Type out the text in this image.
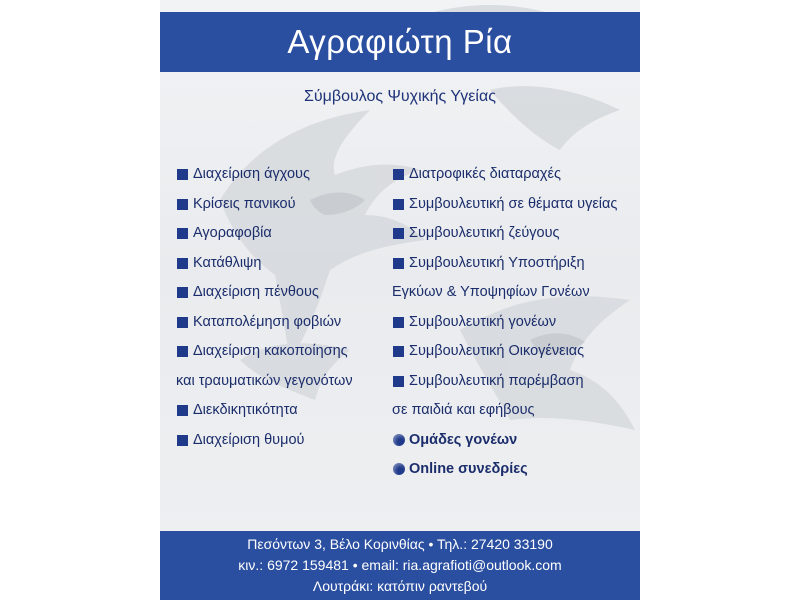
Αγραφιώτη Ρία
Σύμβουλος Ψυχικής Υγείας
Διαχείριση άγχους
Κρίσεις πανικού
Αγοραφοβία
Κατάθλιψη
Διαχείριση πένθους
Καταπολέμηση φοβιών
Διαχείριση κακοποίησης
και τραυματικών γεγονότων
Διεκδικητικότητα
Διαχείριση θυμού
Διατροφικές διαταραχές
Συμβουλευτική σε θέματα υγείας
Συμβουλευτική ζεύγους
Συμβουλευτική Υποστήριξη
Εγκύων & Υποψηφίων Γονέων
Συμβουλευτική γονέων
Συμβουλευτική Οικογένειας
Συμβουλευτική παρέμβαση
σε παιδιά και εφήβους
Ομάδες γονέων
Online συνεδρίες
Πεσόντων 3, Βέλο Κορινθίας • Τηλ.: 27420 33190
κιν.: 6972 159481 • email: ria.agrafioti@outlook.com
Λουτράκι: κατόπιν ραντεβού
